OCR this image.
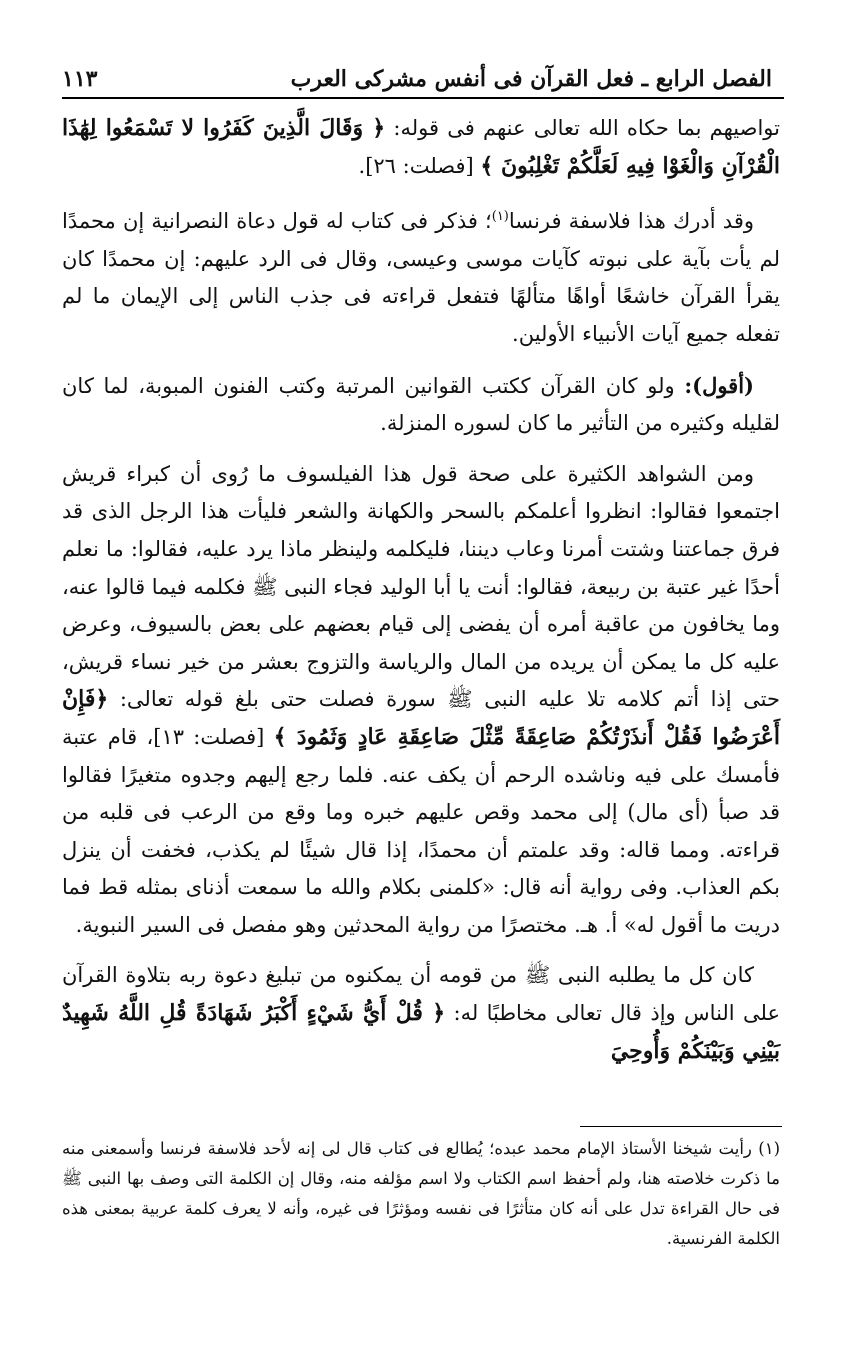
الفصل الرابع ـ فعل القرآن فى أنفس مشركى العرب
١١٣

تواصيهم بما حكاه الله تعالى عنهم فى قوله: ﴿ وَقَالَ الَّذِينَ كَفَرُوا لا تَسْمَعُوا لِهَٰذَا الْقُرْآنِ وَالْغَوْا فِيهِ لَعَلَّكُمْ تَغْلِبُونَ ﴾ [فصلت: ٢٦].

وقد أدرك هذا فلاسفة فرنسا$^{(١)}$؛ فذكر فى كتاب له قول دعاة النصرانية إن محمدًا لم يأت بآية على نبوته كآيات موسى وعيسى، وقال فى الرد عليهم: إن محمدًا كان يقرأ القرآن خاشعًا أواهًا متألهًا فتفعل قراءته فى جذب الناس إلى الإيمان ما لم تفعله جميع آيات الأنبياء الأولين.

(أقول): ولو كان القرآن ككتب القوانين المرتبة وكتب الفنون المبوبة، لما كان لقليله وكثيره من التأثير ما كان لسوره المنزلة.

ومن الشواهد الكثيرة على صحة قول هذا الفيلسوف ما رُوى أن كبراء قريش اجتمعوا فقالوا: انظروا أعلمكم بالسحر والكهانة والشعر فليأت هذا الرجل الذى قد فرق جماعتنا وشتت أمرنا وعاب ديننا، فليكلمه ولينظر ماذا يرد عليه، فقالوا: ما نعلم أحدًا غير عتبة بن ربيعة، فقالوا: أنت يا أبا الوليد فجاء النبى ﷺ فكلمه فيما قالوا عنه، وما يخافون من عاقبة أمره أن يفضى إلى قيام بعضهم على بعض بالسيوف، وعرض عليه كل ما يمكن أن يريده من المال والرياسة والتزوج بعشر من خير نساء قريش، حتى إذا أتم كلامه تلا عليه النبى ﷺ سورة فصلت حتى بلغ قوله تعالى: ﴿فَإِنْ أَعْرَضُوا فَقُلْ أَنذَرْتُكُمْ صَاعِقَةً مِّثْلَ صَاعِقَةِ عَادٍ وَثَمُودَ ﴾ [فصلت: ١٣]، قام عتبة فأمسك على فيه وناشده الرحم أن يكف عنه. فلما رجع إليهم وجدوه متغيرًا فقالوا قد صبأ (أى مال) إلى محمد وقص عليهم خبره وما وقع من الرعب فى قلبه من قراءته. ومما قاله: وقد علمتم أن محمدًا، إذا قال شيئًا لم يكذب، فخفت أن ينزل بكم العذاب. وفى رواية أنه قال: «كلمنى بكلام والله ما سمعت أذناى بمثله قط فما دريت ما أقول له» أ. هـ. مختصرًا من رواية المحدثين وهو مفصل فى السير النبوية.

كان كل ما يطلبه النبى ﷺ من قومه أن يمكنوه من تبليغ دعوة ربه بتلاوة القرآن على الناس وإذ قال تعالى مخاطبًا له: ﴿ قُلْ أَيُّ شَيْءٍ أَكْبَرُ شَهَادَةً قُلِ اللَّهُ شَهِيدٌ بَيْنِي وَبَيْنَكُمْ وَأُوحِيَ

(١) رأيت شيخنا الأستاذ الإمام محمد عبده؛ يُطالع فى كتاب قال لى إنه لأحد فلاسفة فرنسا وأسمعنى منه ما ذكرت خلاصته هنا، ولم أحفظ اسم الكتاب ولا اسم مؤلفه منه، وقال إن الكلمة التى وصف بها النبى ﷺ فى حال القراءة تدل على أنه كان متأثرًا فى نفسه ومؤثرًا فى غيره، وأنه لا يعرف كلمة عربية بمعنى هذه الكلمة الفرنسية.
